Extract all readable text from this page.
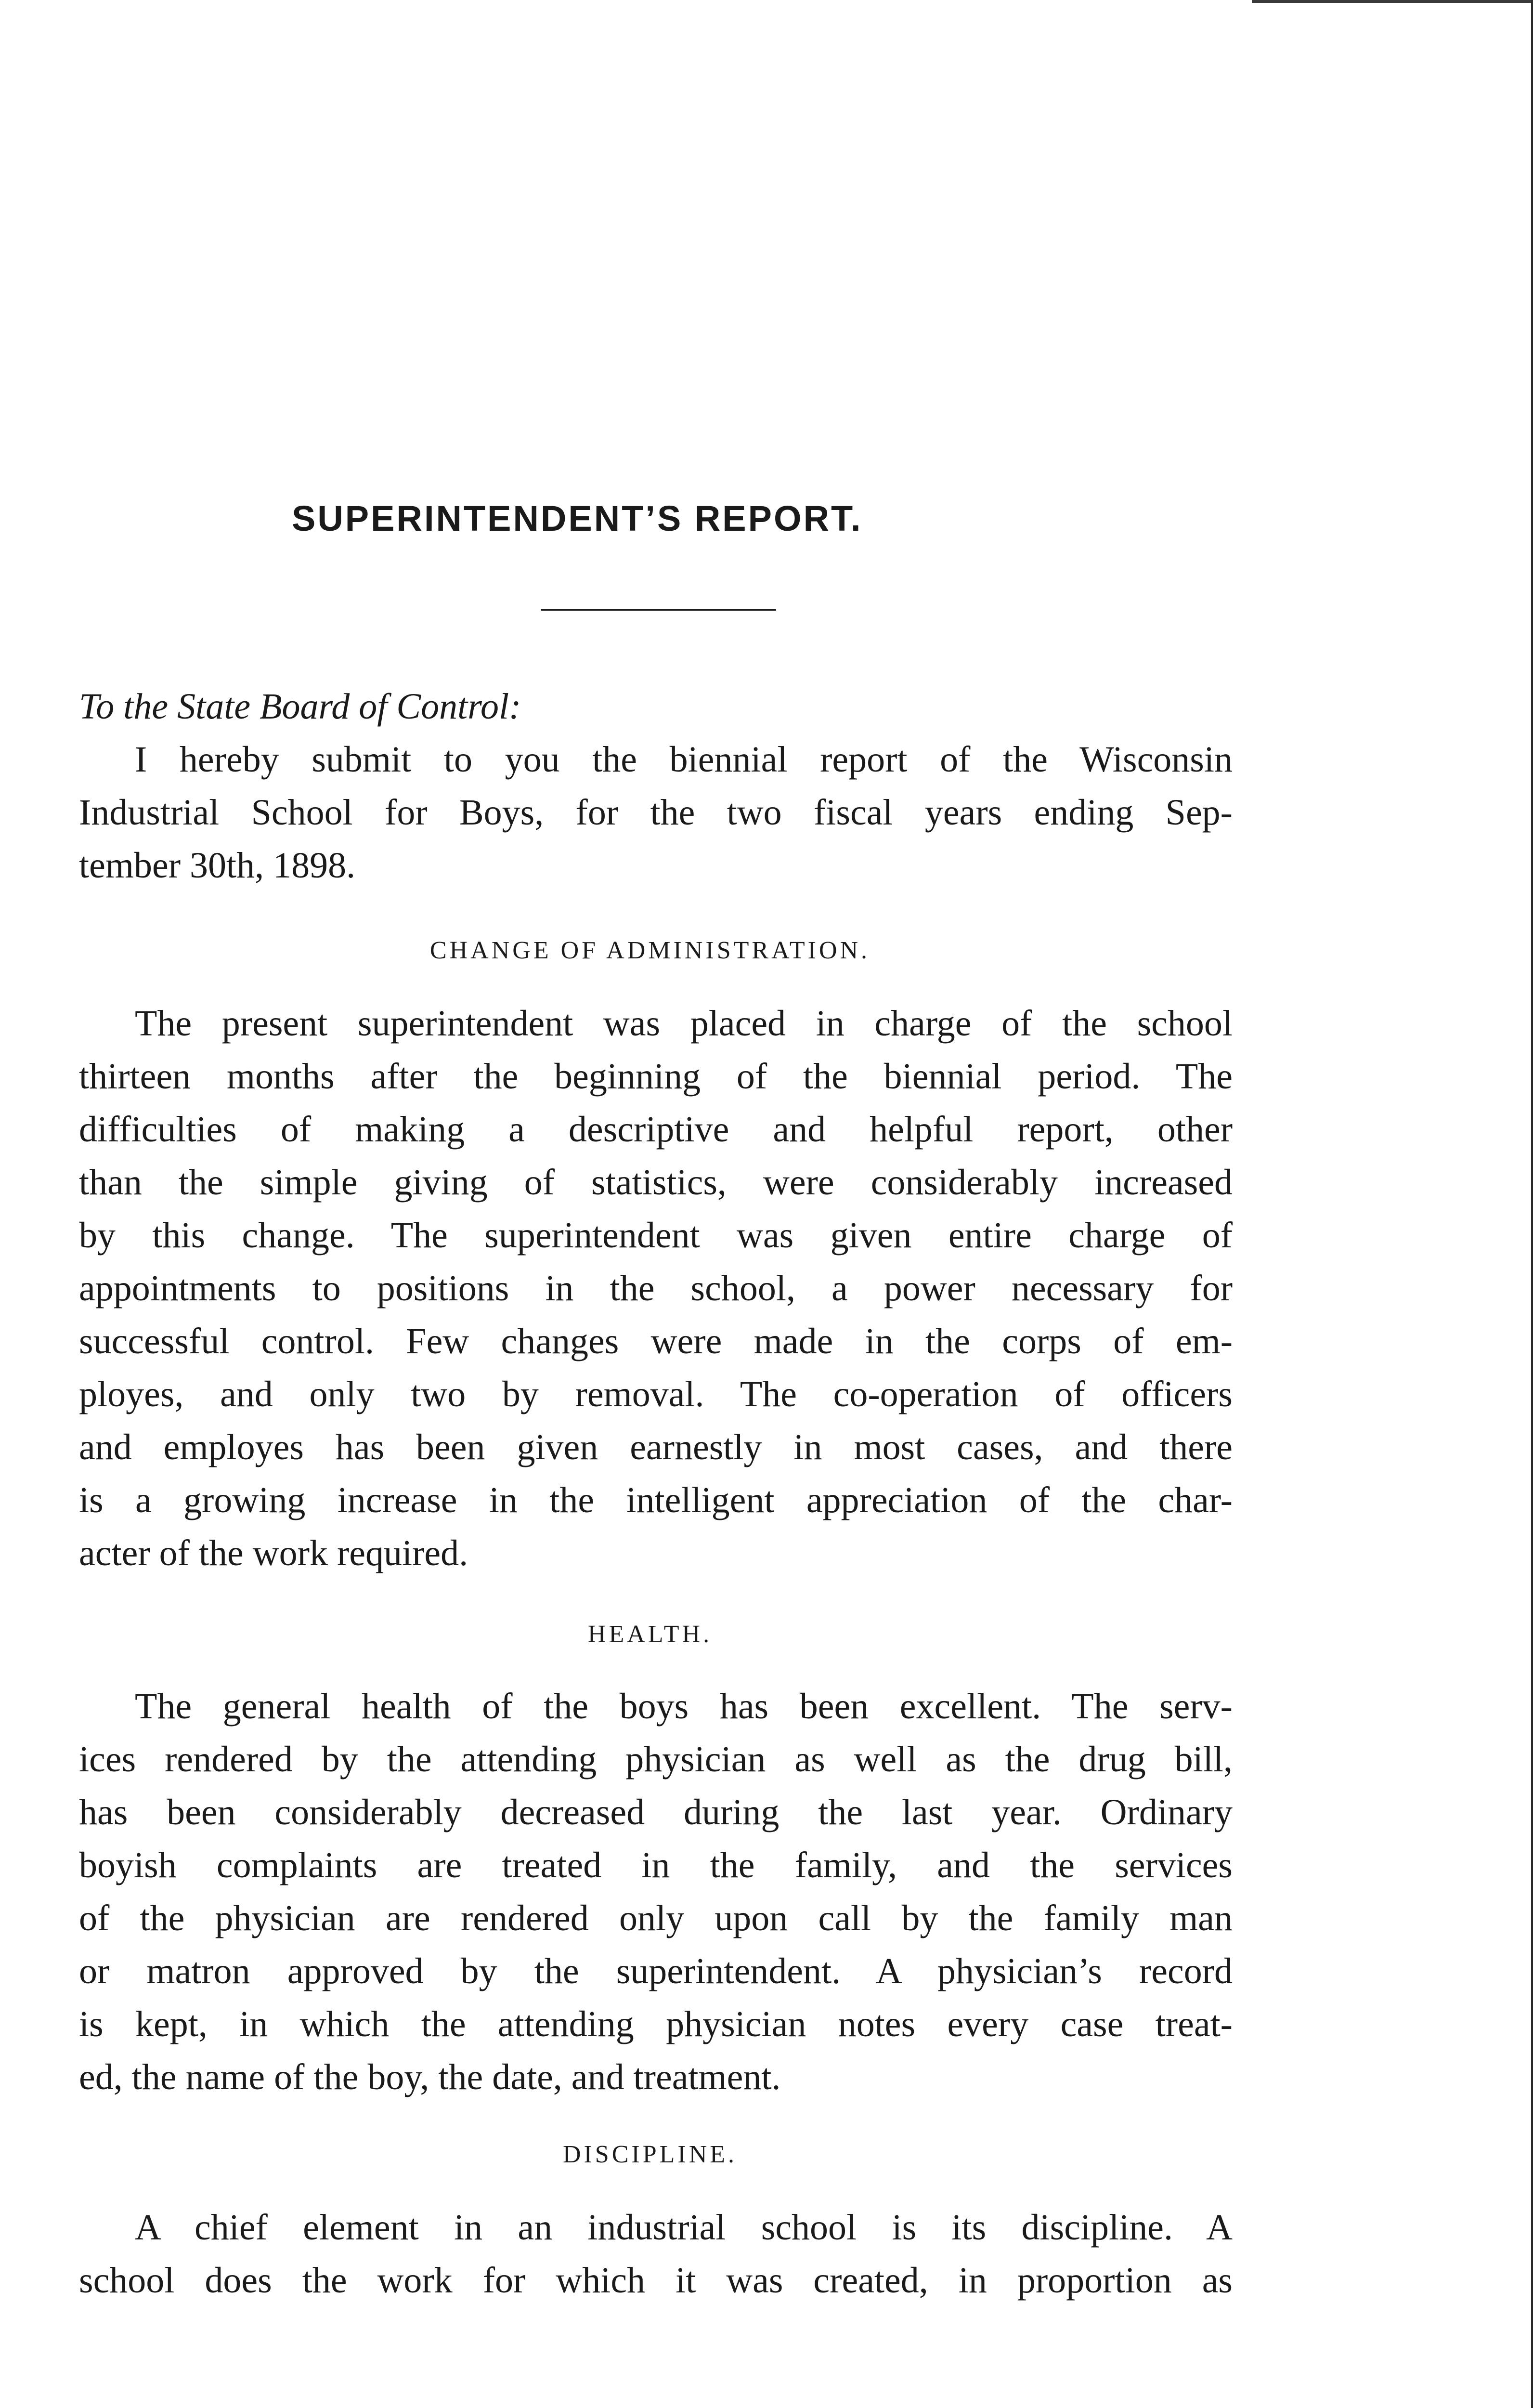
SUPERINTENDENT’S REPORT.
To the State Board of Control:
I hereby submit to you the biennial report of the Wisconsin
Industrial School for Boys, for the two fiscal years ending Sep-
tember 30th, 1898.
CHANGE OF ADMINISTRATION.
The present superintendent was placed in charge of the school
thirteen months after the beginning of the biennial period. The
difficulties of making a descriptive and helpful report, other
than the simple giving of statistics, were considerably increased
by this change. The superintendent was given entire charge of
appointments to positions in the school, a power necessary for
successful control. Few changes were made in the corps of em-
ployes, and only two by removal. The co-operation of officers
and employes has been given earnestly in most cases, and there
is a growing increase in the intelligent appreciation of the char-
acter of the work required.
HEALTH.
The general health of the boys has been excellent. The serv-
ices rendered by the attending physician as well as the drug bill,
has been considerably decreased during the last year. Ordinary
boyish complaints are treated in the family, and the services
of the physician are rendered only upon call by the family man
or matron approved by the superintendent. A physician’s record
is kept, in which the attending physician notes every case treat-
ed, the name of the boy, the date, and treatment.
DISCIPLINE.
A chief element in an industrial school is its discipline. A
school does the work for which it was created, in proportion as
